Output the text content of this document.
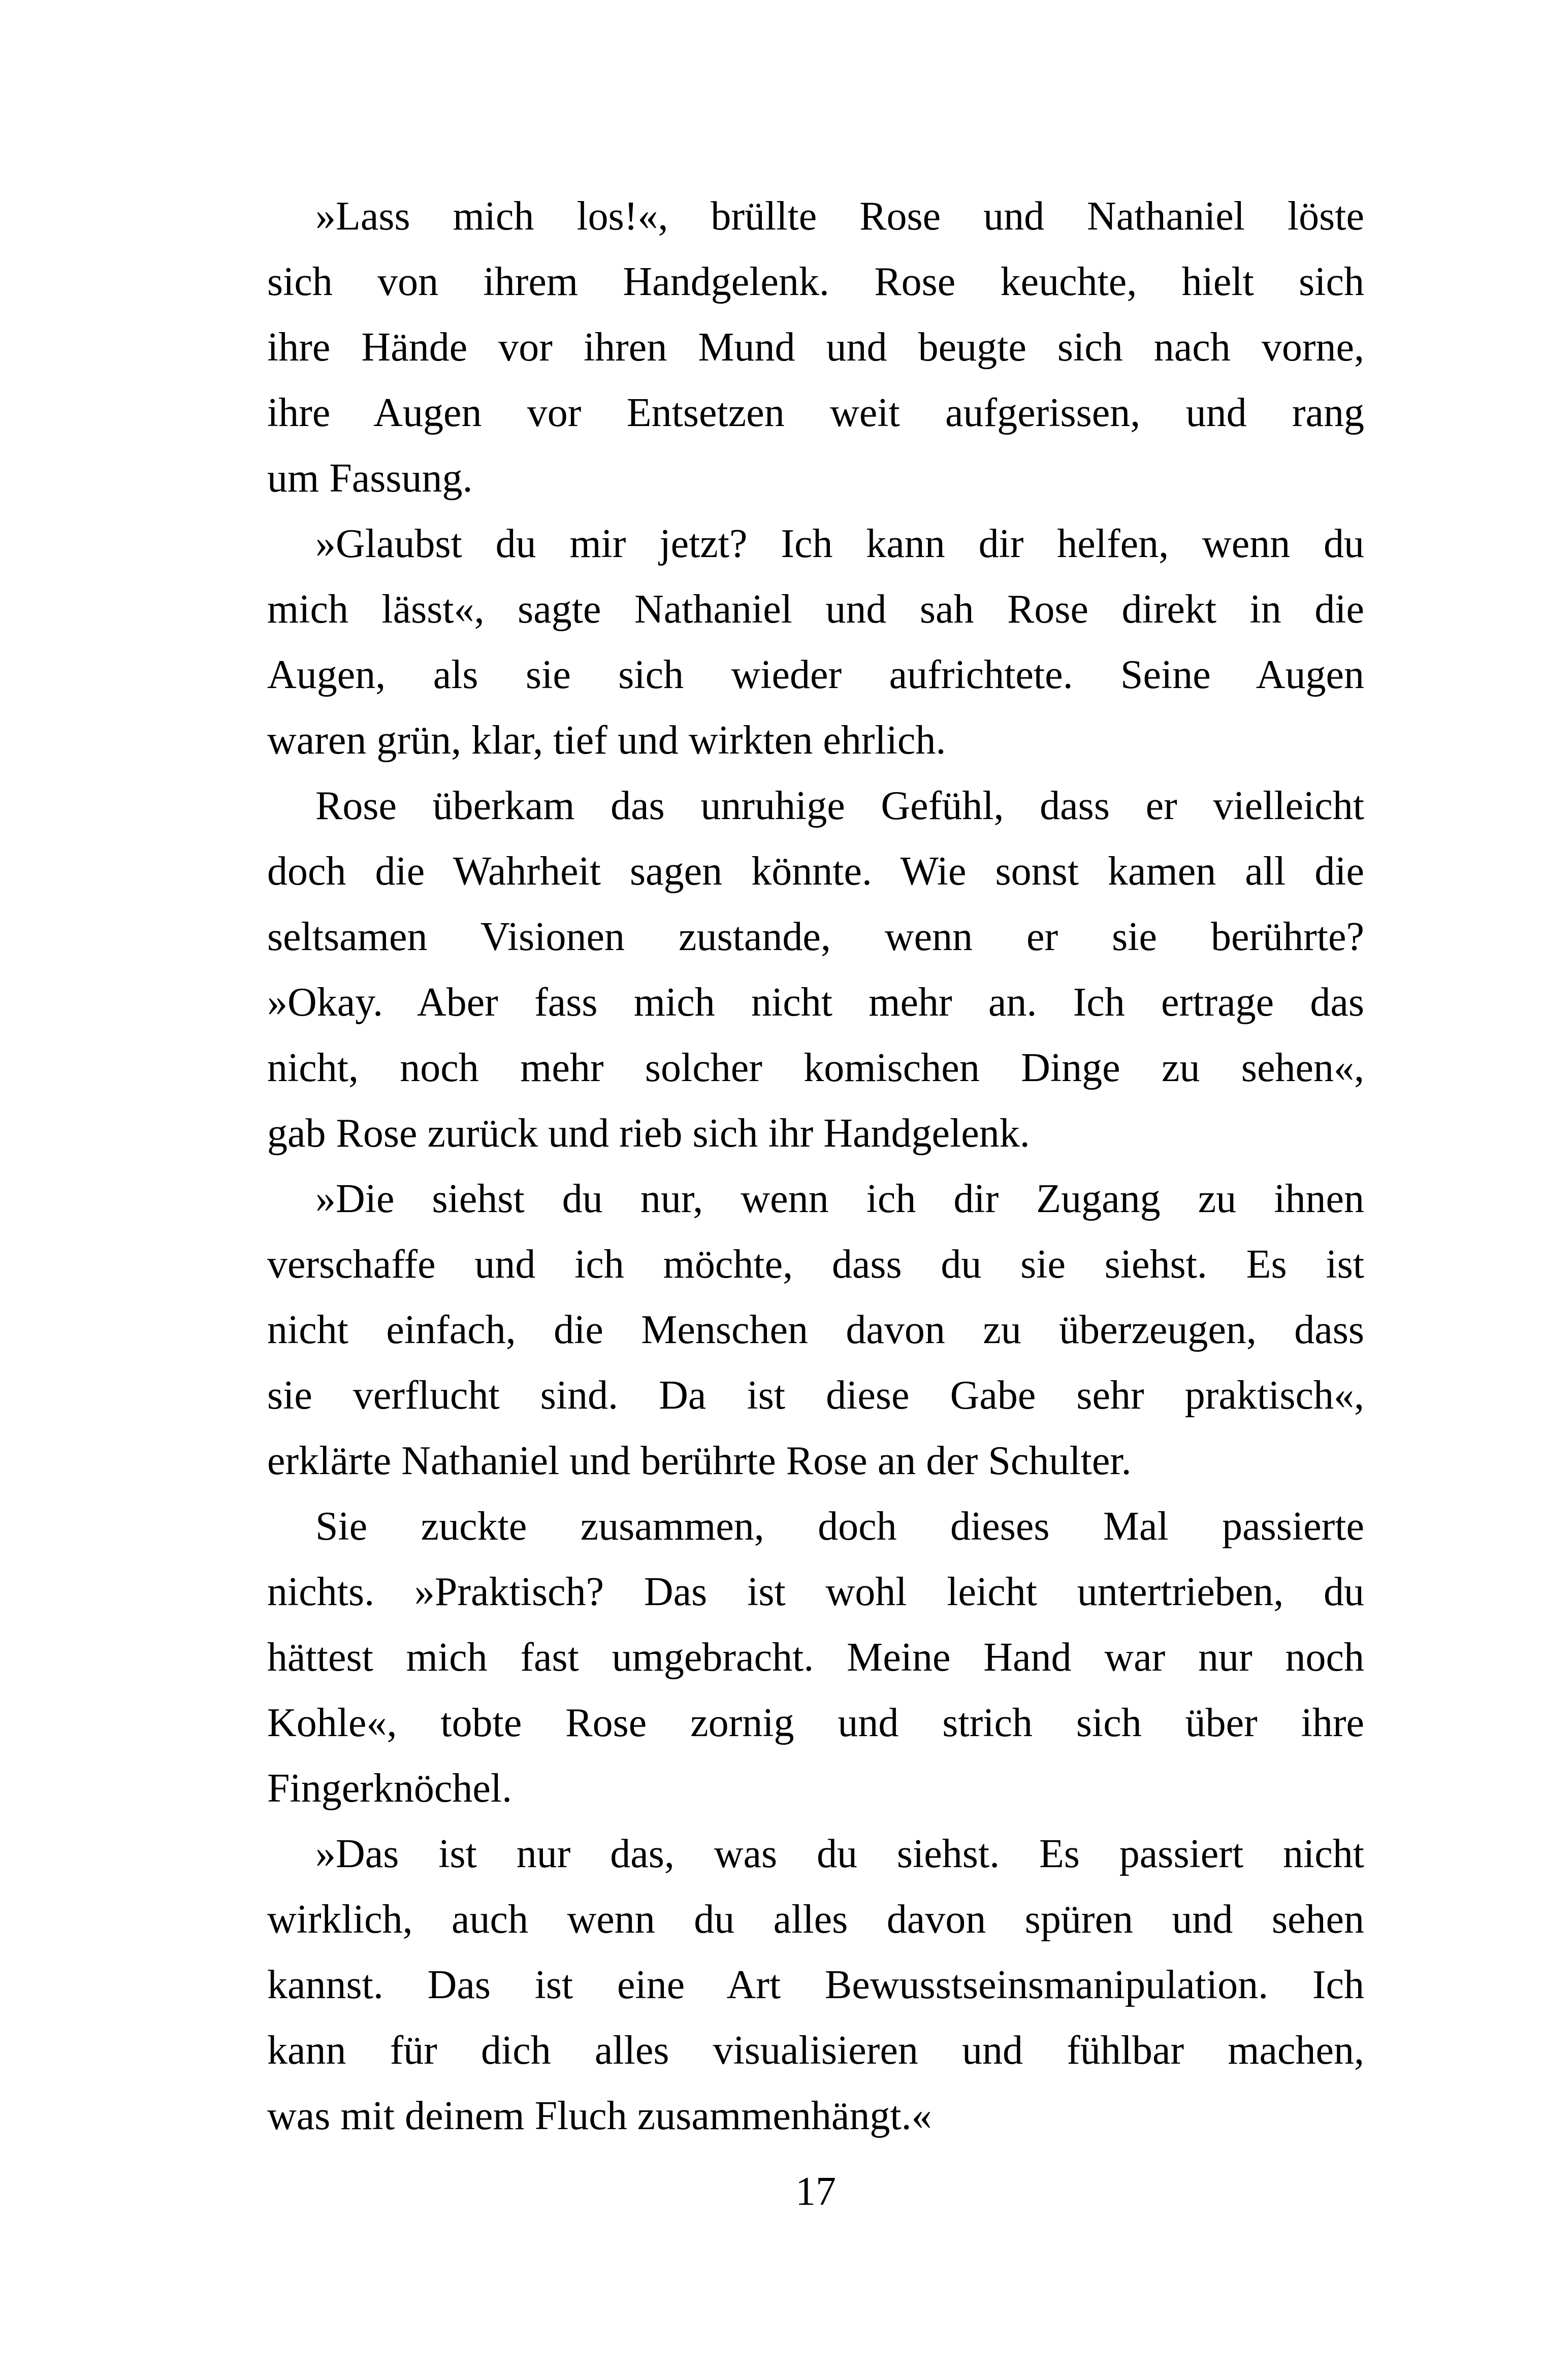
»Lass mich los!«, brüllte Rose und Nathaniel löste
sich von ihrem Handgelenk. Rose keuchte, hielt sich
ihre Hände vor ihren Mund und beugte sich nach vorne,
ihre Augen vor Entsetzen weit aufgerissen, und rang
um Fassung.

»Glaubst du mir jetzt? Ich kann dir helfen, wenn du
mich lässt«, sagte Nathaniel und sah Rose direkt in die
Augen, als sie sich wieder aufrichtete. Seine Augen
waren grün, klar, tief und wirkten ehrlich.

Rose überkam das unruhige Gefühl, dass er vielleicht
doch die Wahrheit sagen könnte. Wie sonst kamen all die
seltsamen Visionen zustande, wenn er sie berührte?
»Okay. Aber fass mich nicht mehr an. Ich ertrage das
nicht, noch mehr solcher komischen Dinge zu sehen«,
gab Rose zurück und rieb sich ihr Handgelenk.

»Die siehst du nur, wenn ich dir Zugang zu ihnen
verschaffe und ich möchte, dass du sie siehst. Es ist
nicht einfach, die Menschen davon zu überzeugen, dass
sie verflucht sind. Da ist diese Gabe sehr praktisch«,
erklärte Nathaniel und berührte Rose an der Schulter.

Sie zuckte zusammen, doch dieses Mal passierte
nichts. »Praktisch? Das ist wohl leicht untertrieben, du
hättest mich fast umgebracht. Meine Hand war nur noch
Kohle«, tobte Rose zornig und strich sich über ihre
Fingerknöchel.

»Das ist nur das, was du siehst. Es passiert nicht
wirklich, auch wenn du alles davon spüren und sehen
kannst. Das ist eine Art Bewusstseinsmanipulation. Ich
kann für dich alles visualisieren und fühlbar machen,
was mit deinem Fluch zusammenhängt.«

17
